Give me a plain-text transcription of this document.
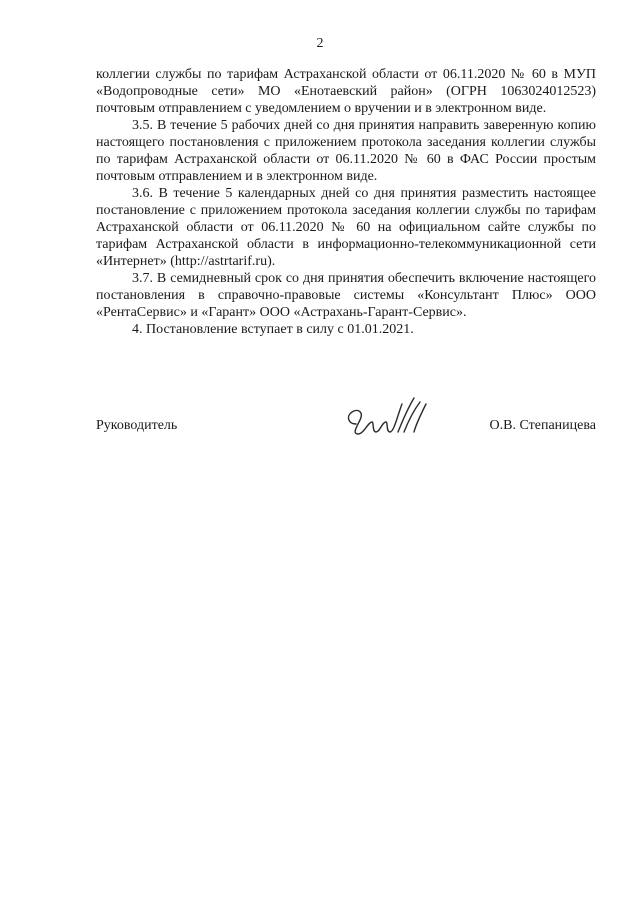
2

коллегии службы по тарифам Астраханской области от 06.11.2020 № 60 в МУП «Водопроводные сети» МО «Енотаевский район» (ОГРН 1063024012523) почтовым отправлением с уведомлением о вручении и в электронном виде.

3.5. В течение 5 рабочих дней со дня принятия направить заверенную копию настоящего постановления с приложением протокола заседания коллегии службы по тарифам Астраханской области от 06.11.2020 № 60 в ФАС России простым почтовым отправлением и в электронном виде.

3.6. В течение 5 календарных дней со дня принятия разместить настоящее постановление с приложением протокола заседания коллегии службы по тарифам Астраханской области от 06.11.2020 № 60 на официальном сайте службы по тарифам Астраханской области в информационно-телекоммуникационной сети «Интернет» (http://astrtarif.ru).

3.7. В семидневный срок со дня принятия обеспечить включение настоящего постановления в справочно-правовые системы «Консультант Плюс» ООО «РентаСервис» и «Гарант» ООО «Астрахань-Гарант-Сервис».

4. Постановление вступает в силу с 01.01.2021.

Руководитель	О.В. Степаницева
